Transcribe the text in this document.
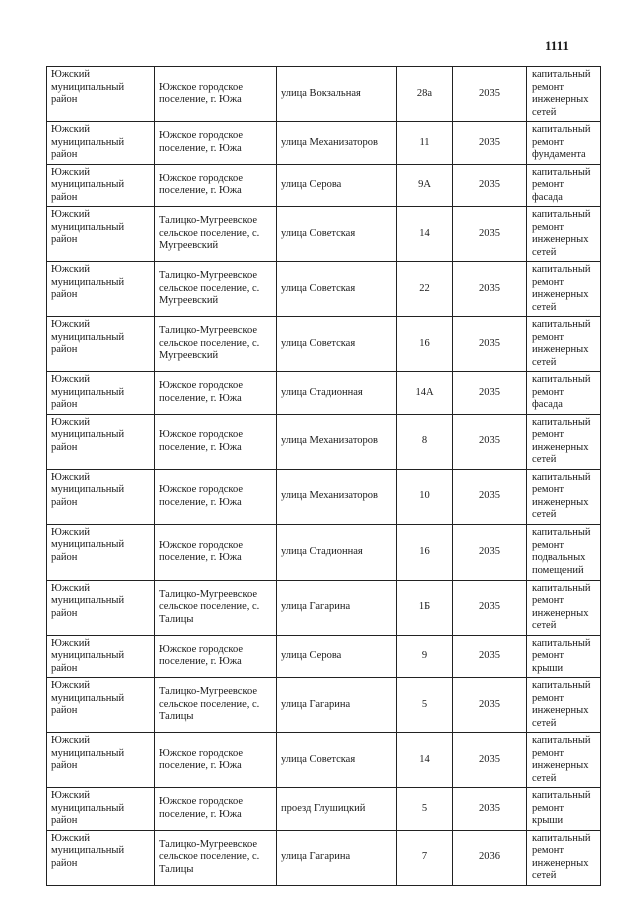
1111
Южский муниципальный район	Южское городское поселение, г. Южа	улица Вокзальная	28а	2035	капитальный ремонт инженерных сетей
Южский муниципальный район	Южское городское поселение, г. Южа	улица Механизаторов	11	2035	капитальный ремонт фундамента
Южский муниципальный район	Южское городское поселение, г. Южа	улица Серова	9А	2035	капитальный ремонт фасада
Южский муниципальный район	Талицко-Мугреевское сельское поселение, с. Мугреевский	улица Советская	14	2035	капитальный ремонт инженерных сетей
Южский муниципальный район	Талицко-Мугреевское сельское поселение, с. Мугреевский	улица Советская	22	2035	капитальный ремонт инженерных сетей
Южский муниципальный район	Талицко-Мугреевское сельское поселение, с. Мугреевский	улица Советская	16	2035	капитальный ремонт инженерных сетей
Южский муниципальный район	Южское городское поселение, г. Южа	улица Стадионная	14А	2035	капитальный ремонт фасада
Южский муниципальный район	Южское городское поселение, г. Южа	улица Механизаторов	8	2035	капитальный ремонт инженерных сетей
Южский муниципальный район	Южское городское поселение, г. Южа	улица Механизаторов	10	2035	капитальный ремонт инженерных сетей
Южский муниципальный район	Южское городское поселение, г. Южа	улица Стадионная	16	2035	капитальный ремонт подвальных помещений
Южский муниципальный район	Талицко-Мугреевское сельское поселение, с. Талицы	улица Гагарина	1Б	2035	капитальный ремонт инженерных сетей
Южский муниципальный район	Южское городское поселение, г. Южа	улица Серова	9	2035	капитальный ремонт крыши
Южский муниципальный район	Талицко-Мугреевское сельское поселение, с. Талицы	улица Гагарина	5	2035	капитальный ремонт инженерных сетей
Южский муниципальный район	Южское городское поселение, г. Южа	улица Советская	14	2035	капитальный ремонт инженерных сетей
Южский муниципальный район	Южское городское поселение, г. Южа	проезд Глушицкий	5	2035	капитальный ремонт крыши
Южский муниципальный район	Талицко-Мугреевское сельское поселение, с. Талицы	улица Гагарина	7	2036	капитальный ремонт инженерных сетей
